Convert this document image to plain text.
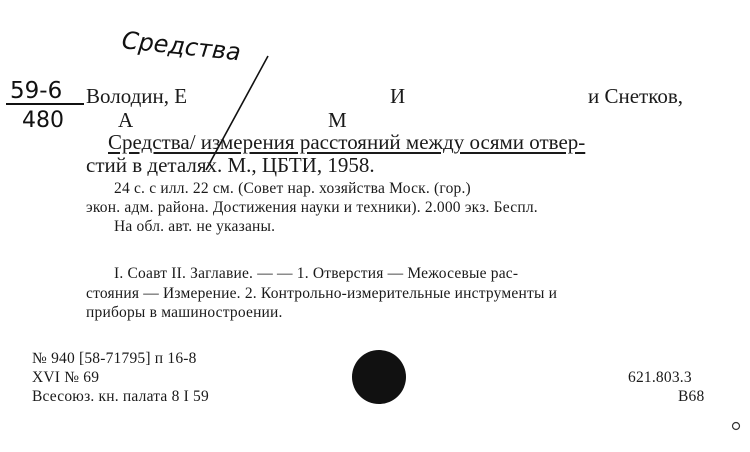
Средства
59-6
480
Володин, Е	И	и Снетков,
А	М
Средства/ измерения расстояний между осями отвер-
стий в деталях. М., ЦБТИ, 1958.
24 с. с илл. 22 см. (Совет нар. хозяйства Моск. (гор.)
экон. адм. района. Достижения науки и техники). 2.000 экз. Беспл.
На обл. авт. не указаны.
I. Соавт II. Заглавие. — — 1. Отверстия — Межосевые рас-
стояния — Измерение. 2. Контрольно-измерительные инструменты и
приборы в машиностроении.
№ 940 [58-71795] п 16-8
XVI № 69
Всесоюз. кн. палата 8 I 59
621.803.3
В68
